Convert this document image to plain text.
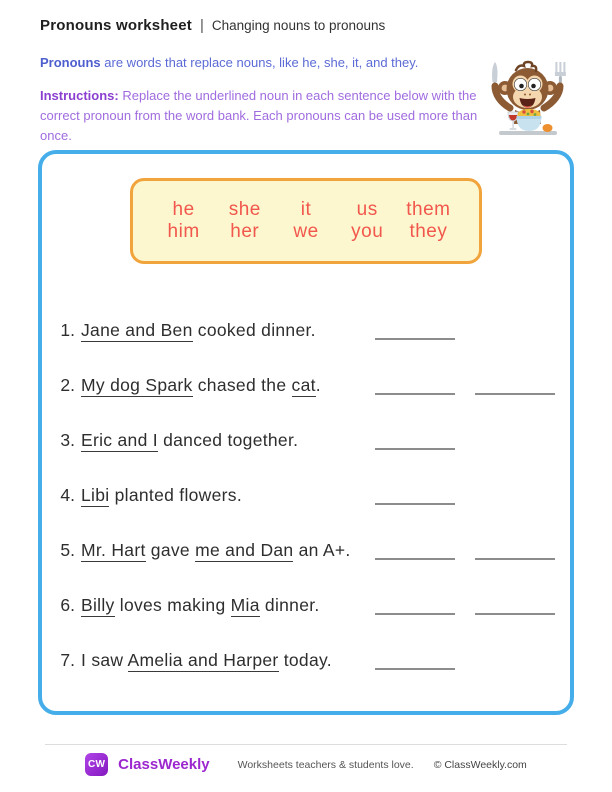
Pronouns worksheet | Changing nouns to pronouns

Pronouns are words that replace nouns, like he, she, it, and they.

Instructions: Replace the underlined noun in each sentence below with the correct pronoun from the word bank. Each pronouns can be used more than once.

he	she	it	us	them
him	her	we	you	they
1. Jane and Ben cooked dinner.
2. My dog Spark chased the cat.
3. Eric and I danced together.
4. Libi planted flowers.
5. Mr. Hart gave me and Dan an A+.
6. Billy loves making Mia dinner.
7. I saw Amelia and Harper today.
CW ClassWeekly	Worksheets teachers & students love. © ClassWeekly.com
